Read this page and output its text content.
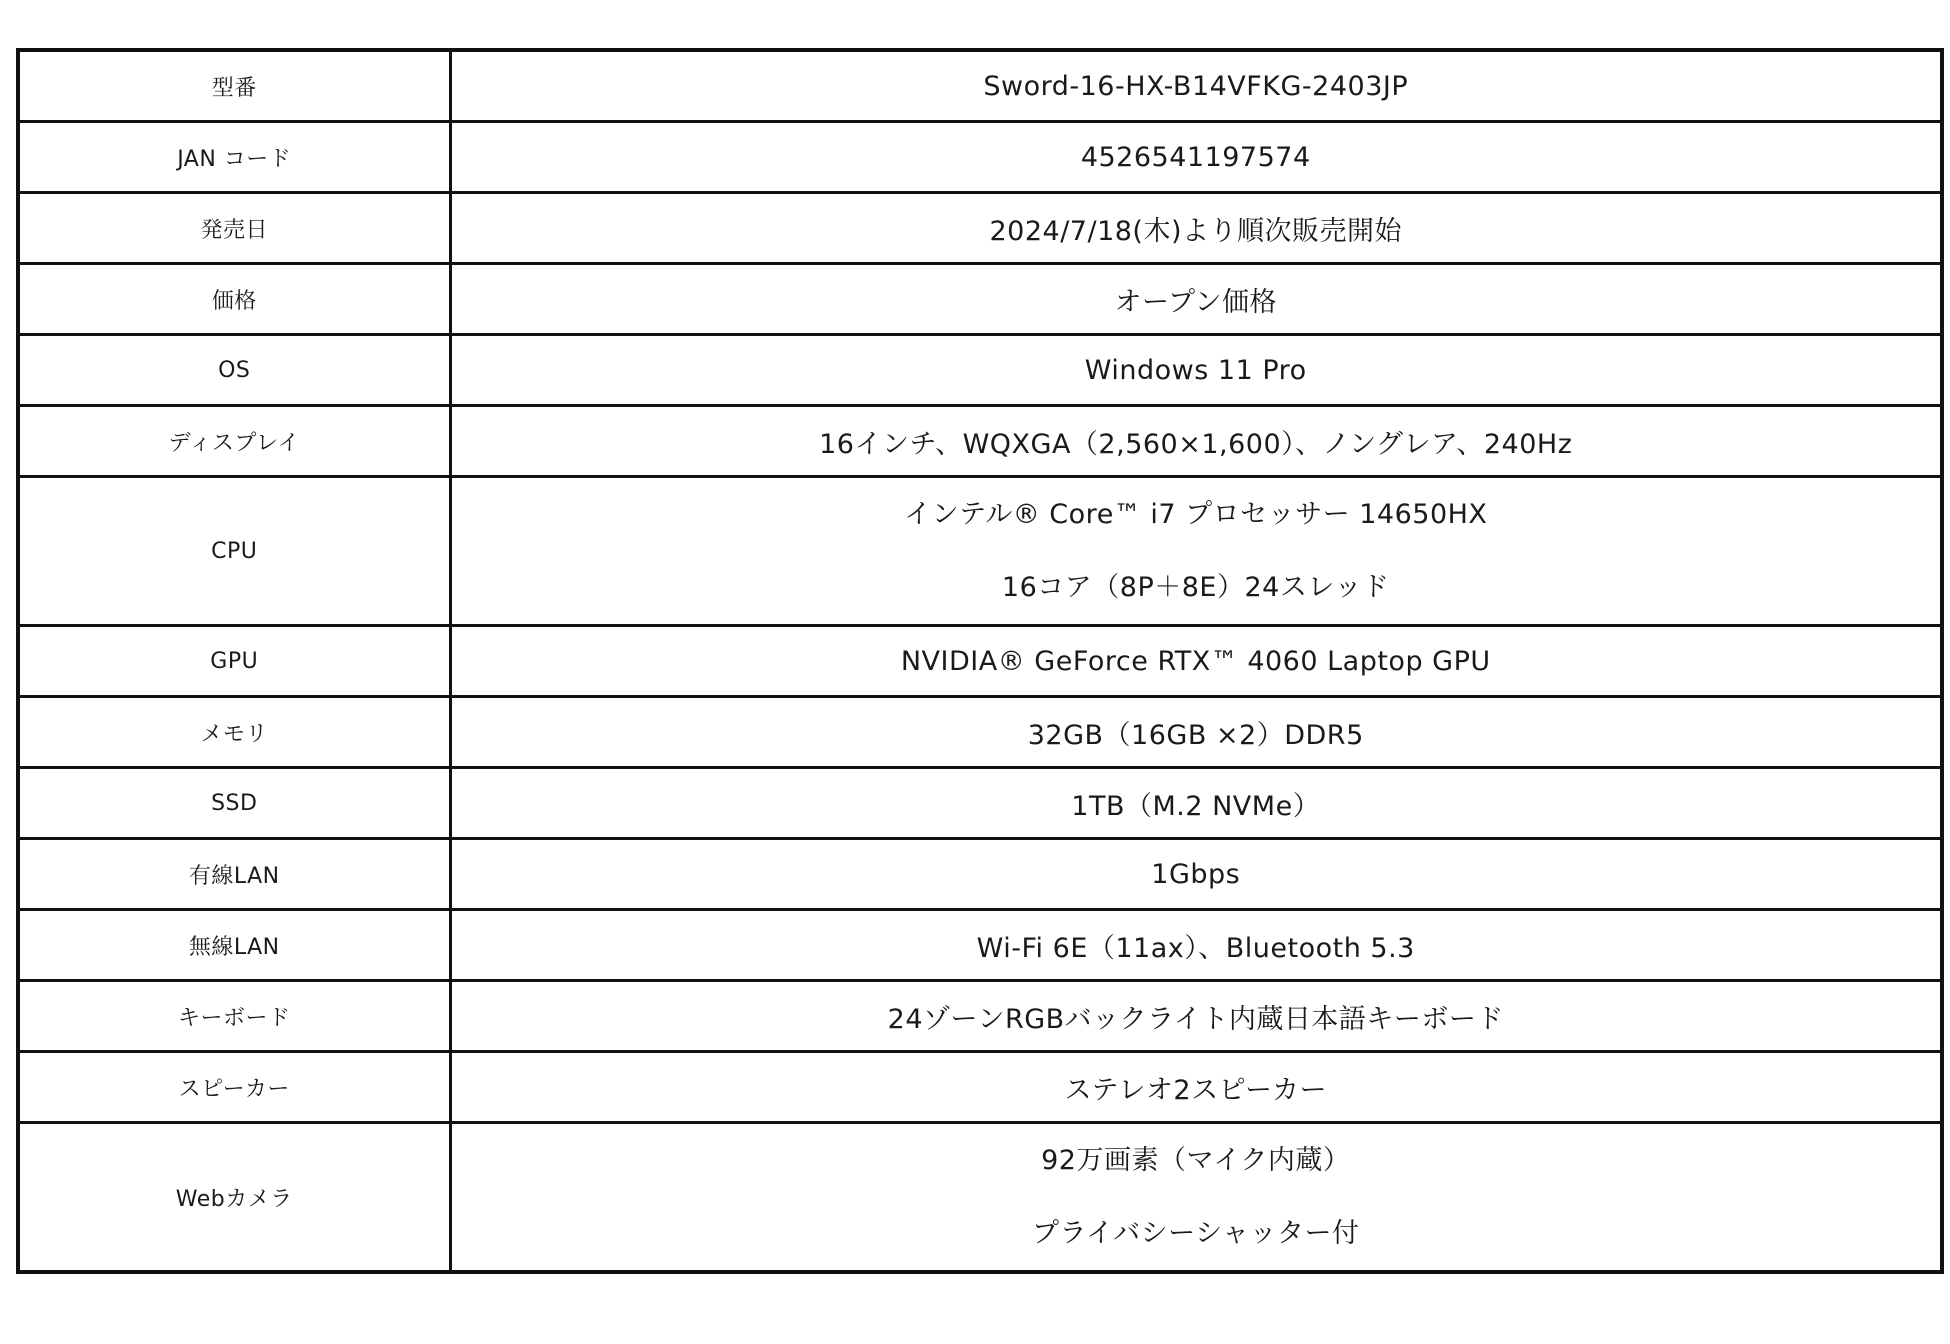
型番	Sword-16-HX-B14VFKG-2403JP
JAN コード	4526541197574
発売日	2024/7/18(木)より順次販売開始
価格	オープン価格
OS	Windows 11 Pro
ディスプレイ	16インチ、WQXGA（2,560×1,600）、ノングレア、240Hz
CPU	インテル® Core™ i7 プロセッサー 14650HX
16コア（8P＋8E）24スレッド

GPU	NVIDIA® GeForce RTX™ 4060 Laptop GPU
メモリ	32GB（16GB ×2）DDR5
SSD	1TB（M.2 NVMe）
有線LAN	1Gbps
無線LAN	Wi-Fi 6E（11ax）、Bluetooth 5.3
キーボード	24ゾーンRGBバックライト内蔵日本語キーボード
スピーカー	ステレオ2スピーカー
Webカメラ	92万画素（マイク内蔵）
プライバシーシャッター付
